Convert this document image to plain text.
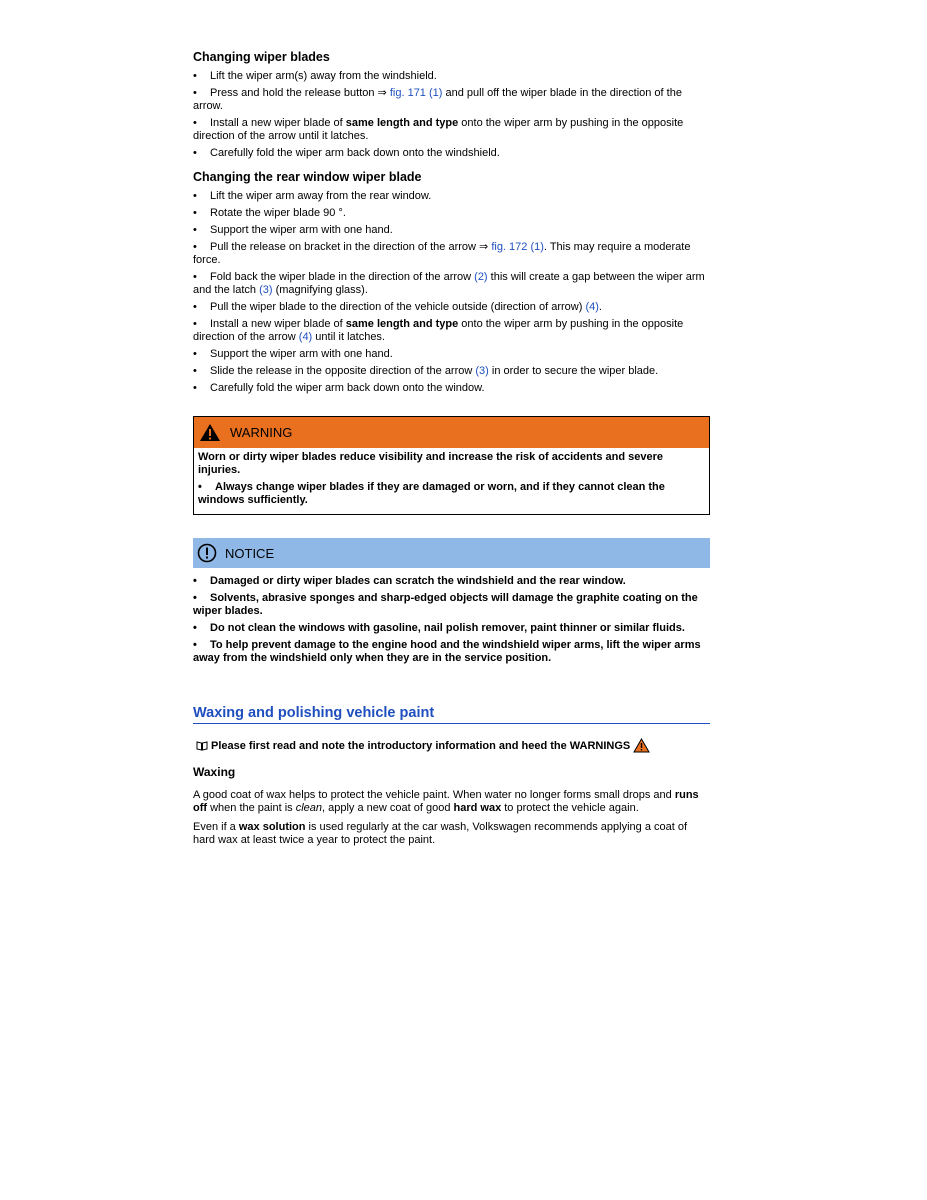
Changing wiper blades
• Lift the wiper arm(s) away from the windshield.
• Press and hold the release button ⇒ fig. 171 (1) and pull off the wiper blade in the direction of the arrow.
• Install a new wiper blade of same length and type onto the wiper arm by pushing in the opposite direction of the arrow until it latches.
• Carefully fold the wiper arm back down onto the windshield.
Changing the rear window wiper blade
• Lift the wiper arm away from the rear window.
• Rotate the wiper blade 90 °.
• Support the wiper arm with one hand.
• Pull the release on bracket in the direction of the arrow ⇒ fig. 172 (1). This may require a moderate force.
• Fold back the wiper blade in the direction of the arrow (2) this will create a gap between the wiper arm and the latch (3) (magnifying glass).
• Pull the wiper blade to the direction of the vehicle outside (direction of arrow) (4).
• Install a new wiper blade of same length and type onto the wiper arm by pushing in the opposite direction of the arrow (4) until it latches.
• Support the wiper arm with one hand.
• Slide the release in the opposite direction of the arrow (3) in order to secure the wiper blade.
• Carefully fold the wiper arm back down onto the window.
WARNING

Worn or dirty wiper blades reduce visibility and increase the risk of accidents and severe injuries.

• Always change wiper blades if they are damaged or worn, and if they cannot clean the windows sufficiently.

NOTICE

• Damaged or dirty wiper blades can scratch the windshield and the rear window.

• Solvents, abrasive sponges and sharp-edged objects will damage the graphite coating on the wiper blades.

• Do not clean the windows with gasoline, nail polish remover, paint thinner or similar fluids.

• To help prevent damage to the engine hood and the windshield wiper arms, lift the wiper arms away from the windshield only when they are in the service position.

Waxing and polishing vehicle paint
Please first read and note the introductory information and heed the WARNINGS
Waxing

A good coat of wax helps to protect the vehicle paint. When water no longer forms small drops and runs off when the paint is clean, apply a new coat of good hard wax to protect the vehicle again.

Even if a wax solution is used regularly at the car wash, Volkswagen recommends applying a coat of hard wax at least twice a year to protect the paint.
